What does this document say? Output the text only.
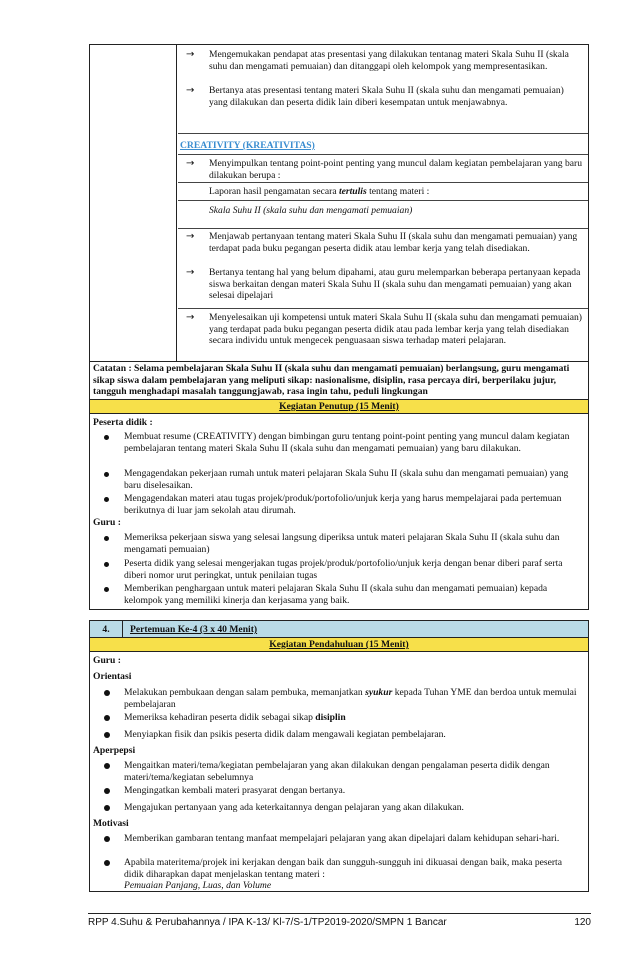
→ Mengemukakan pendapat atas presentasi yang dilakukan tentanag materi Skala Suhu II (skala suhu dan mengamati pemuaian) dan ditanggapi oleh kelompok yang mempresentasikan.
→ Bertanya atas presentasi tentang materi Skala Suhu II (skala suhu dan mengamati pemuaian) yang dilakukan dan peserta didik lain diberi kesempatan untuk menjawabnya.
CREATIVITY (KREATIVITAS)
→ Menyimpulkan tentang point-point penting yang muncul dalam kegiatan pembelajaran yang baru dilakukan berupa :
Laporan hasil pengamatan secara tertulis tentang materi :
Skala Suhu II (skala suhu dan mengamati pemuaian)
→ Menjawab pertanyaan tentang materi Skala Suhu II (skala suhu dan mengamati pemuaian) yang terdapat pada buku pegangan peserta didik atau lembar kerja yang telah disediakan.
→ Bertanya tentang hal yang belum dipahami, atau guru melemparkan beberapa pertanyaan kepada siswa berkaitan dengan materi Skala Suhu II (skala suhu dan mengamati pemuaian) yang akan selesai dipelajari
→ Menyelesaikan uji kompetensi untuk materi Skala Suhu II (skala suhu dan mengamati pemuaian) yang terdapat pada buku pegangan peserta didik atau pada lembar kerja yang telah disediakan secara individu untuk mengecek penguasaan siswa terhadap materi pelajaran.
Catatan : Selama pembelajaran Skala Suhu II (skala suhu dan mengamati pemuaian) berlangsung, guru mengamati sikap siswa dalam pembelajaran yang meliputi sikap: nasionalisme, disiplin, rasa percaya diri, berperilaku jujur, tangguh menghadapi masalah tanggungjawab, rasa ingin tahu, peduli lingkungan
Kegiatan Penutup (15 Menit)
Peserta didik :
Membuat resume (CREATIVITY) dengan bimbingan guru tentang point-point penting yang muncul dalam kegiatan pembelajaran tentang materi Skala Suhu II (skala suhu dan mengamati pemuaian) yang baru dilakukan.
Mengagendakan pekerjaan rumah untuk materi pelajaran Skala Suhu II (skala suhu dan mengamati pemuaian) yang baru diselesaikan.
Mengagendakan materi atau tugas projek/produk/portofolio/unjuk kerja yang harus mempelajarai pada pertemuan berikutnya di luar jam sekolah atau dirumah.
Guru :
Memeriksa pekerjaan siswa yang selesai langsung diperiksa untuk materi pelajaran Skala Suhu II (skala suhu dan mengamati pemuaian)
Peserta didik yang selesai mengerjakan tugas projek/produk/portofolio/unjuk kerja dengan benar diberi paraf serta diberi nomor urut peringkat, untuk penilaian tugas
Memberikan penghargaan untuk materi pelajaran Skala Suhu II (skala suhu dan mengamati pemuaian) kepada kelompok yang memiliki kinerja dan kerjasama yang baik.
4.	Pertemuan Ke-4 (3 x 40 Menit)
Kegiatan Pendahuluan (15 Menit)
Guru :
Orientasi
Melakukan pembukaan dengan salam pembuka, memanjatkan syukur kepada Tuhan YME dan berdoa untuk memulai pembelajaran
Memeriksa kehadiran peserta didik sebagai sikap disiplin
Menyiapkan fisik dan psikis peserta didik dalam mengawali kegiatan pembelajaran.
Aperpepsi
Mengaitkan materi/tema/kegiatan pembelajaran yang akan dilakukan dengan pengalaman peserta didik dengan materi/tema/kegiatan sebelumnya
Mengingatkan kembali materi prasyarat dengan bertanya.
Mengajukan pertanyaan yang ada keterkaitannya dengan pelajaran yang akan dilakukan.
Motivasi
Memberikan gambaran tentang manfaat mempelajari pelajaran yang akan dipelajari dalam kehidupan sehari-hari.
Apabila materitema/projek ini kerjakan dengan baik dan sungguh-sungguh ini dikuasai dengan baik, maka peserta didik diharapkan dapat menjelaskan tentang materi :
Pemuaian Panjang, Luas, dan Volume
RPP 4.Suhu & Perubahannya / IPA K-13/ Kl-7/S-1/TP2019-2020/SMPN 1 Bancar	120
